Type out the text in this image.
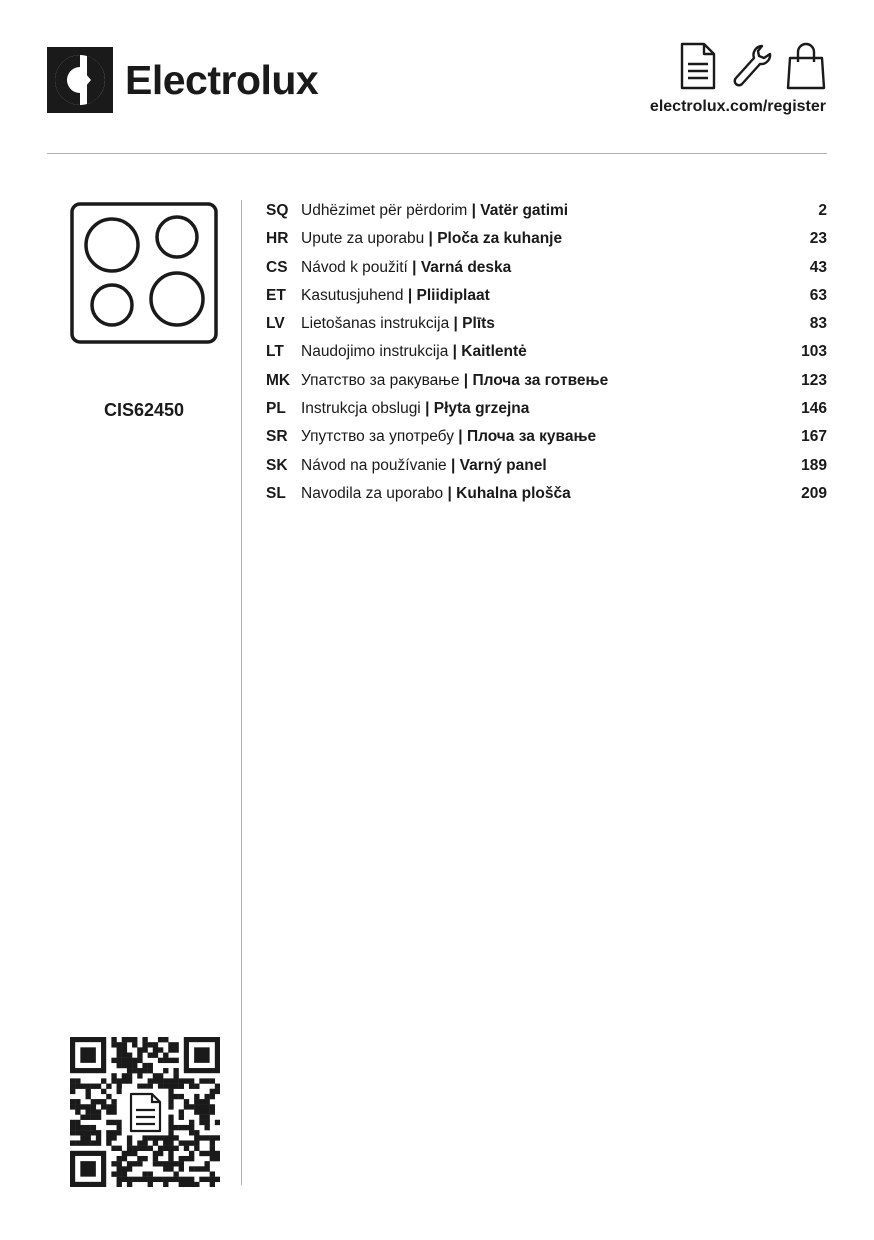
Electrolux
electrolux.com/register
CIS62450
SQ Udhëzimet për përdorim | Vatër gatimi	2
HR Upute za uporabu | Ploča za kuhanje	23
CS Návod k použití | Varná deska	43
ET Kasutusjuhend | Pliidiplaat	63
LV	Lietošanas instrukcija | Plīts	83
LT	Naudojimo instrukcija | Kaitlentė	103
MK Упатство за ракување | Плоча за готвење	123
PL Instrukcja obslugi | Płyta grzejna	146
SR Упутство за употребу | Плоча за кување	167
SK Návod na používanie | Varný panel	189
SL Navodila za uporabo | Kuhalna plošča	209
